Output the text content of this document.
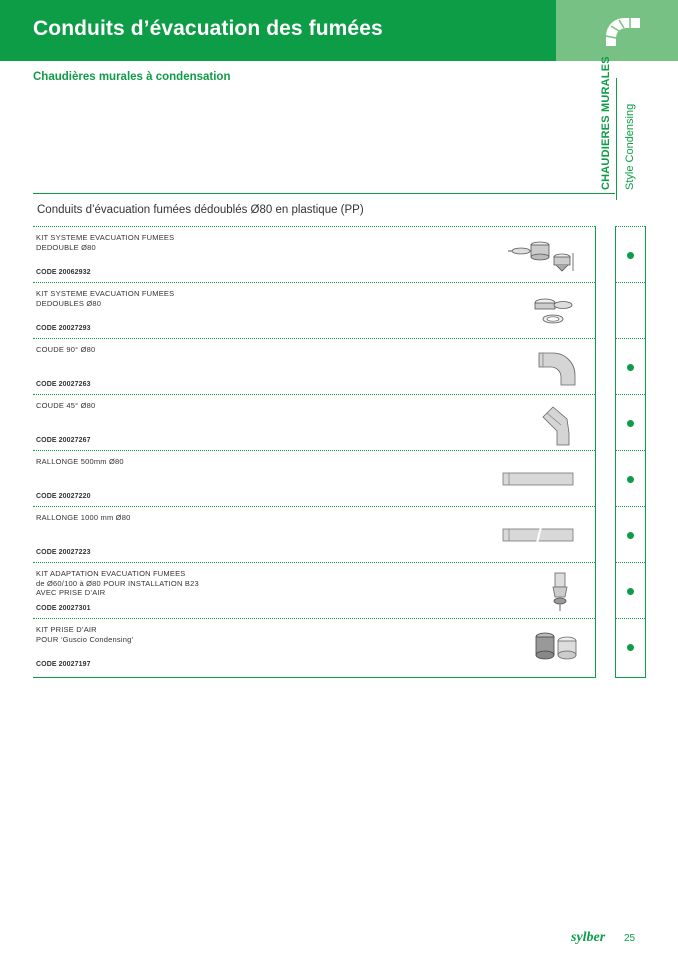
Conduits d’évacuation des fumées
Chaudières murales à condensation	CHAUDIERES MURALES Style Condensing
Conduits d’évacuation fumées dédoublés Ø80 en plastique (PP)
KIT SYSTEME EVACUATION FUMEES
DEDOUBLE Ø80
CODE 20062932
KIT SYSTEME EVACUATION FUMEES
DEDOUBLES Ø80
CODE 20027293
COUDE 90° Ø80
CODE 20027263
COUDE 45° Ø80
CODE 20027267
RALLONGE 500mm Ø80
CODE 20027220
RALLONGE 1000 mm Ø80
CODE 20027223
KIT ADAPTATION EVACUATION FUMEES
de Ø60/100 à Ø80 POUR INSTALLATION B23
AVEC PRISE D’AIR
CODE 20027301
KIT PRISE D’AIR
POUR ‘Guscio Condensing’
CODE 20027197
sylber 25
